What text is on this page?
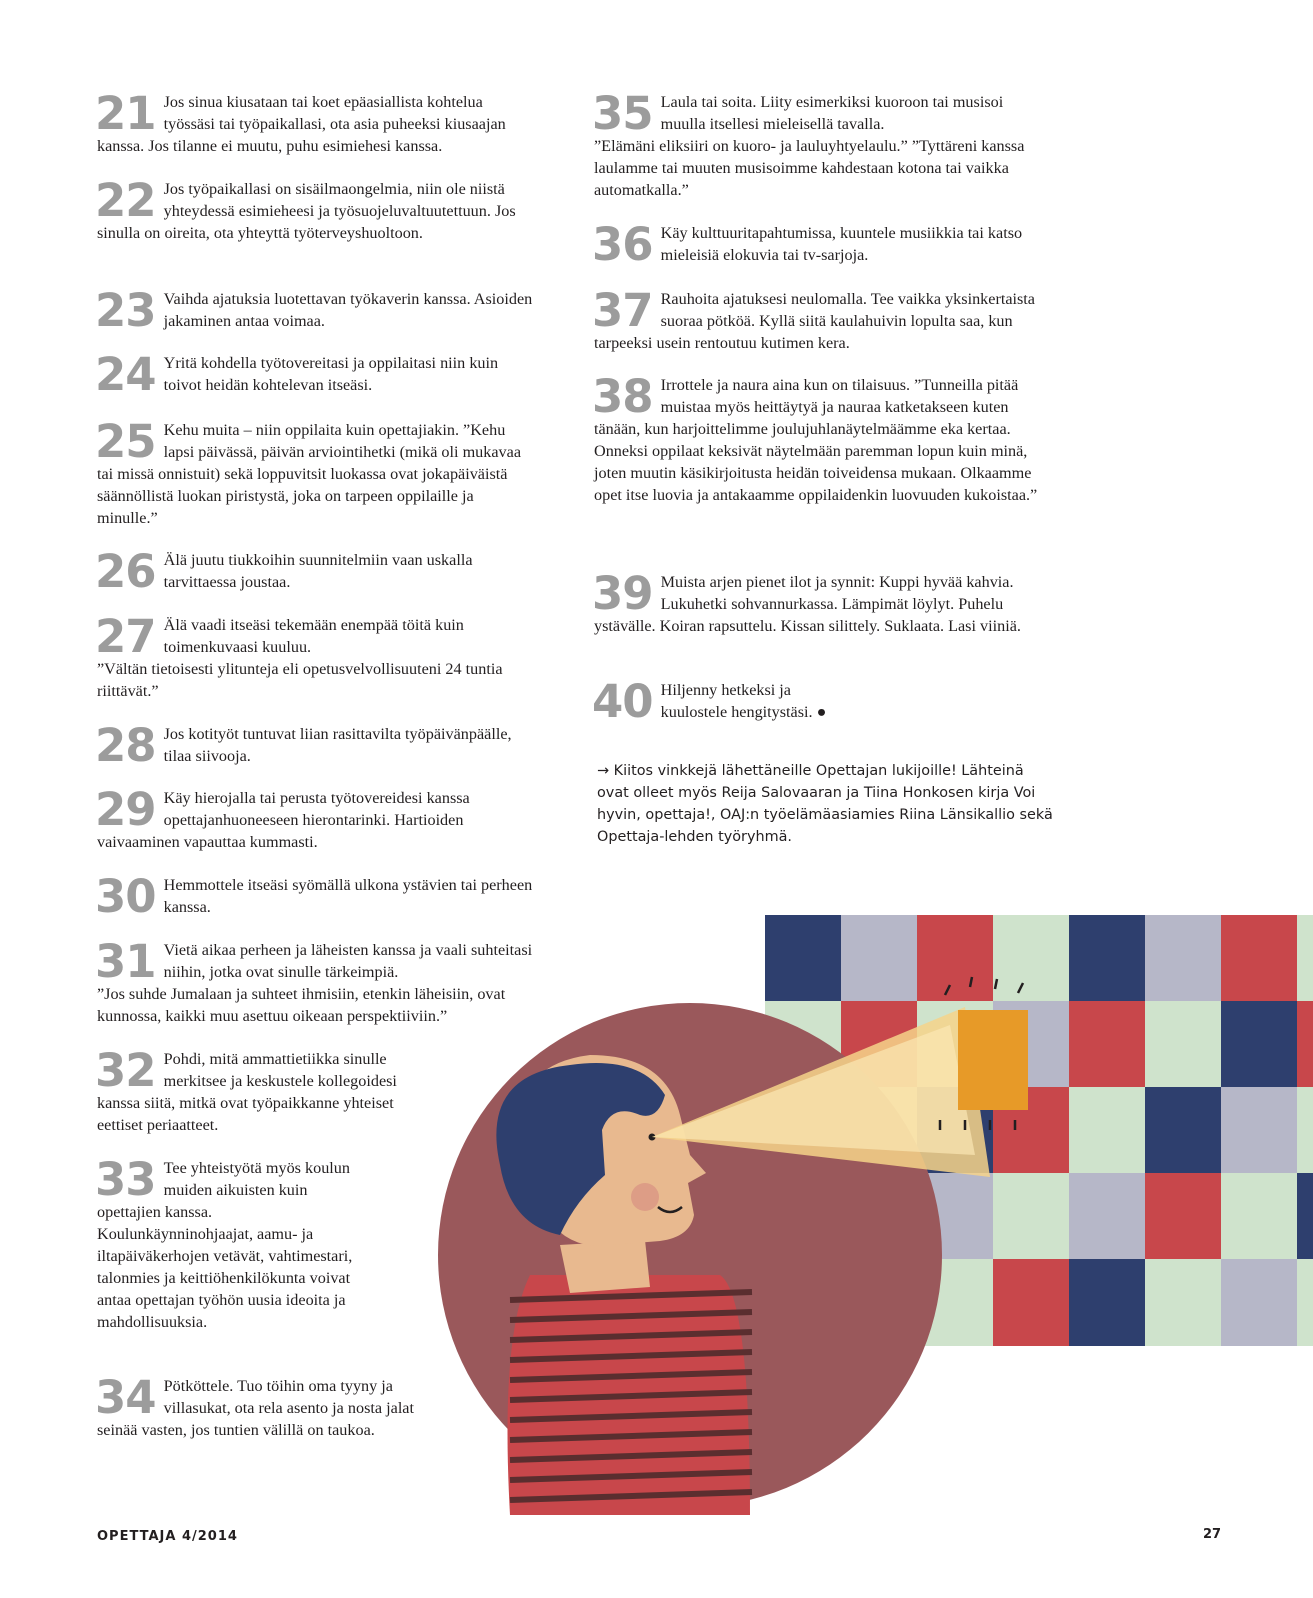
21 Jos sinua kiusataan tai koet epäasiallista kohtelua työssäsi tai työpaikallasi, ota asia puheeksi kiusaajan kanssa. Jos tilanne ei muutu, puhu esimiehesi kanssa.
22 Jos työpaikallasi on sisäilmaongelmia, niin ole niistä yhteydessä esimieheesi ja työsuojeluvaltuutettuun. Jos sinulla on oireita, ota yhteyttä työterveyshuoltoon.
23 Vaihda ajatuksia luotettavan työkaverin kanssa. Asioiden jakaminen antaa voimaa.
24 Yritä kohdella työtovereitasi ja oppilaitasi niin kuin toivot heidän kohtelevan itseäsi.
25 Kehu muita – niin oppilaita kuin opettajiakin. ”Kehu lapsi päivässä, päivän arviointihetki (mikä oli mukavaa tai missä onnistuit) sekä loppuvitsit luokassa ovat jokapäiväistä säännöllistä luokan piristystä, joka on tarpeen oppilaille ja minulle.”
26 Älä juutu tiukkoihin suunnitelmiin vaan uskalla tarvittaessa joustaa.
27 Älä vaadi itseäsi tekemään enempää töitä kuin toimenkuvaasi kuuluu.

”Vältän tietoisesti ylitunteja eli opetusvelvollisuuteni 24 tuntia riittävät.”

28 Jos kotityöt tuntuvat liian rasittavilta työpäivänpäälle, tilaa siivooja.
29 Käy hierojalla tai perusta työtovereidesi kanssa opettajanhuoneeseen hierontarinki. Hartioiden vaivaaminen vapauttaa kummasti.
30 Hemmottele itseäsi syömällä ulkona ystävien tai perheen kanssa.
31 Vietä aikaa perheen ja läheisten kanssa ja vaali suhteitasi niihin, jotka ovat sinulle tärkeimpiä.

”Jos suhde Jumalaan ja suhteet ihmisiin, etenkin läheisiin, ovat kunnossa, kaikki muu asettuu oikeaan perspektiiviin.”

32 Pohdi, mitä ammattietiikka sinulle merkitsee ja keskustele kollegoidesi kanssa siitä, mitkä ovat työpaikkanne yhteiset eettiset periaatteet.
33 Tee yhteistyötä myös koulun muiden aikuisten kuin opettajien kanssa. Koulunkäynninohjaajat, aamu- ja iltapäiväkerhojen vetävät, vahtimestari, talonmies ja keittiöhenkilökunta voivat antaa opettajan työhön uusia ideoita ja mahdollisuuksia.
34 Pötköttele. Tuo töihin oma tyyny ja villasukat, ota rela asento ja nosta jalat seinää vasten, jos tuntien välillä on taukoa.
35 Laula tai soita. Liity esimerkiksi kuoroon tai musisoi muulla itsellesi mieleisellä tavalla.

”Elämäni eliksiiri on kuoro- ja lauluyhtyelaulu.” ”Tyttäreni kanssa laulamme tai muuten musisoimme kahdestaan kotona tai vaikka automatkalla.”

36 Käy kulttuuritapahtumissa, kuuntele musiikkia tai katso mieleisiä elokuvia tai tv-sarjoja.
37 Rauhoita ajatuksesi neulomalla. Tee vaikka yksinkertaista suoraa pötköä. Kyllä siitä kaulahuivin lopulta saa, kun tarpeeksi usein rentoutuu kutimen kera.
38 Irrottele ja naura aina kun on tilaisuus. ”Tunneilla pitää muistaa myös heittäytyä ja nauraa katketakseen kuten tänään, kun harjoittelimme joulujuhlanäytelmäämme eka kertaa. Onneksi oppilaat keksivät näytelmään paremman lopun kuin minä, joten muutin käsikirjoitusta heidän toiveidensa mukaan. Olkaamme opet itse luovia ja antakaamme oppilaidenkin luovuuden kukoistaa.”
39 Muista arjen pienet ilot ja synnit: Kuppi hyvää kahvia. Lukuhetki sohvannurkassa. Lämpimät löylyt. Puhelu ystävälle. Koiran rapsuttelu. Kissan silittely. Suklaata. Lasi viiniä.
40 Hiljenny hetkeksi ja kuulostele hengitystäsi. ●
→ Kiitos vinkkejä lähettäneille Opettajan lukijoille! Lähteinä ovat olleet myös Reija Salovaaran ja Tiina Honkosen kirja Voi hyvin, opettaja!, OAJ:n työelämäasiamies Riina Länsikallio sekä Opettaja-lehden työryhmä.
OPETTAJA 4/2014	27
